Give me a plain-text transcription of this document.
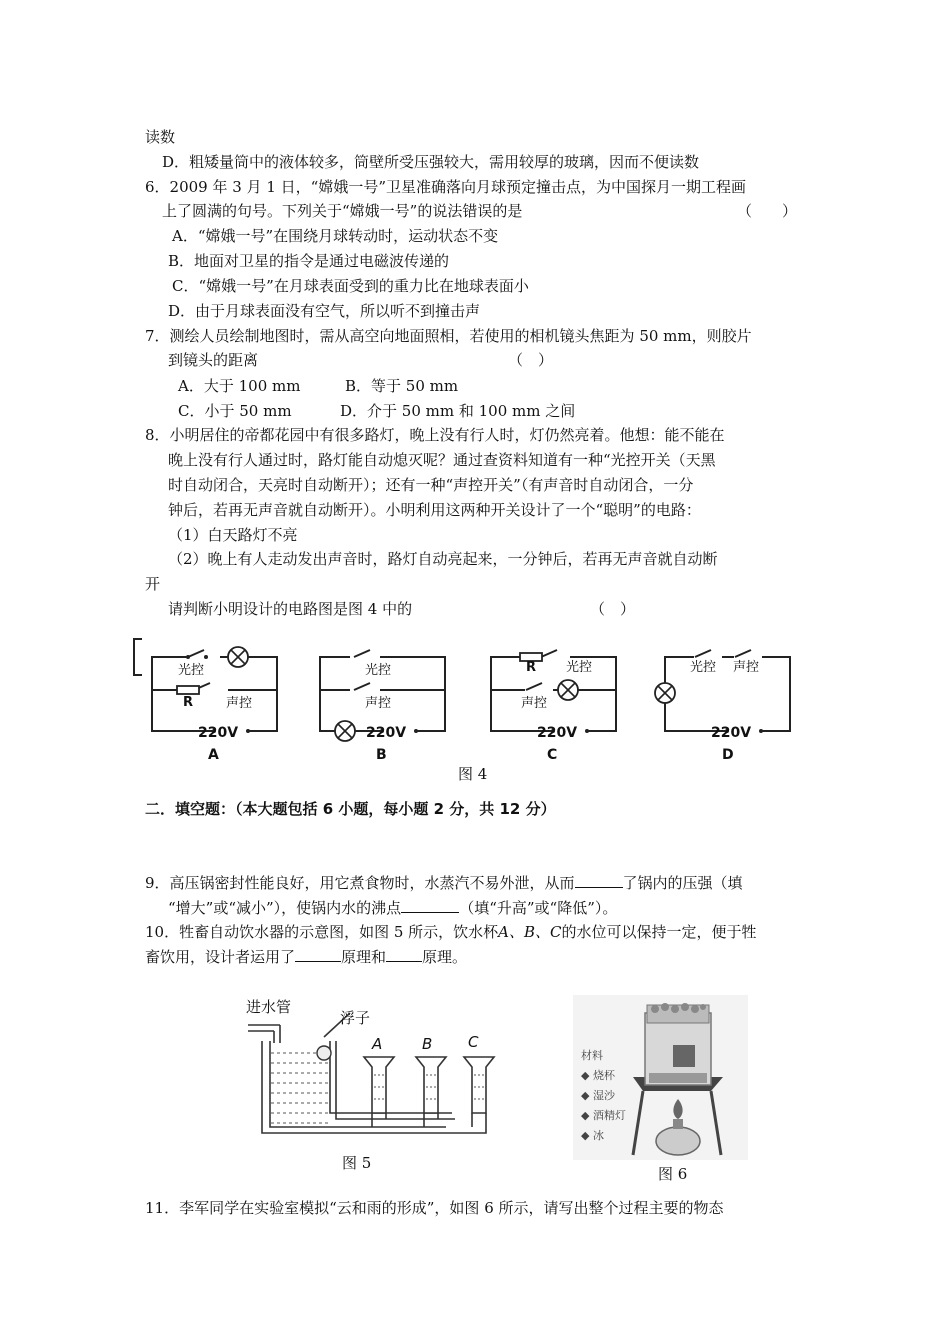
读数
D．粗矮量筒中的液体较多，筒壁所受压强较大，需用较厚的玻璃，因而不便读数
6．2009 年 3 月 1 日，“嫦娥一号”卫星准确落向月球预定撞击点，为中国探月一期工程画
上了圆满的句号。下列关于“嫦娥一号”的说法错误的是	（　　）
A．“嫦娥一号”在围绕月球转动时，运动状态不变
B．地面对卫星的指令是通过电磁波传递的
C．“嫦娥一号”在月球表面受到的重力比在地球表面小
D．由于月球表面没有空气，所以听不到撞击声
7．测绘人员绘制地图时，需从高空向地面照相，若使用的相机镜头焦距为 50 mm，则胶片
到镜头的距离	（　）
A．大于 100 mm	B．等于 50 mm
C．小于 50 mm	D．介于 50 mm 和 100 mm 之间
8．小明居住的帝都花园中有很多路灯，晚上没有行人时，灯仍然亮着。他想：能不能在
晚上没有行人通过时，路灯能自动熄灭呢？通过查资料知道有一种“光控开关（天黑
时自动闭合，天亮时自动断开）；还有一种“声控开关”（有声音时自动闭合，一分
钟后，若再无声音就自动断开）。小明利用这两种开关设计了一个“聪明”的电路：
（1）白天路灯不亮
（2）晚上有人走动发出声音时，路灯自动亮起来，一分钟后，若再无声音就自动断
开
请判断小明设计的电路图是图 4 中的	（　）
光控
R	声控
220V
A
光控
声控
220V
B
R 光控
声控
220V
C
光控 声控
220V
D
图 4
二．填空题：（本大题包括 6 小题，每小题 2 分，共 12 分）
9．高压锅密封性能良好，用它煮食物时，水蒸汽不易外泄，从而	了锅内的压强（填
“增大”或“减小”），使锅内水的沸点	（填“升高”或“降低”）。
10．牲畜自动饮水器的示意图，如图 5 所示，饮水杯A、B、C的水位可以保持一定，便于牲
畜饮用，设计者运用了	原理和 原理。
进水管
浮子
A	B C
图 5
材料
◆ 烧杯
◆ 湿沙
◆ 酒精灯
◆ 冰
图 6
11．李军同学在实验室模拟“云和雨的形成”，如图 6 所示，请写出整个过程主要的物态
